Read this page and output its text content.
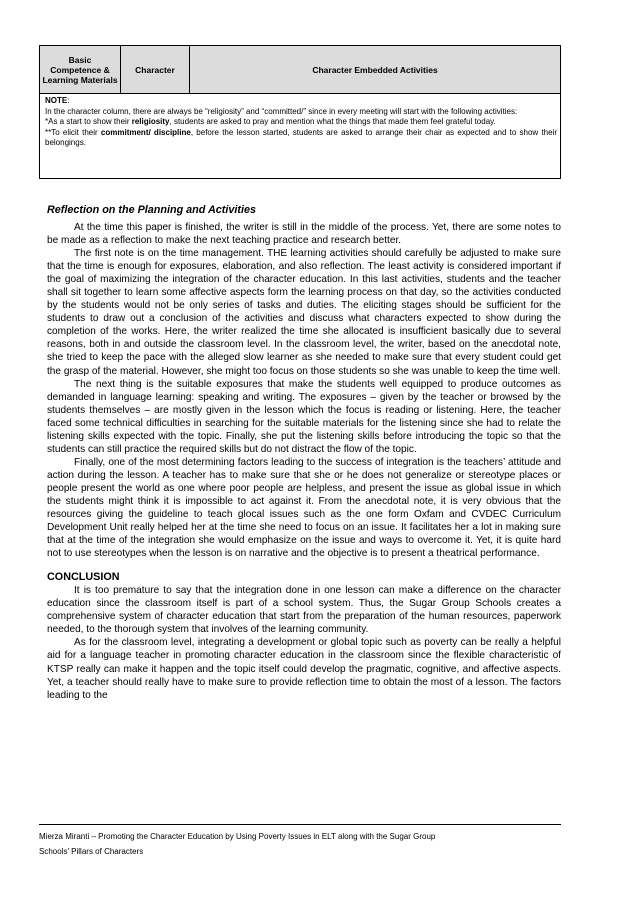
Basic Competence & Learning Materials
Character	Character Embedded Activities

NOTE:

In the character column, there are always be “religiosity” and “committed/” since in every meeting will start with the following activities:

*As a start to show their religiosity, students are asked to pray and mention what the things that made them feel grateful today.

**To elicit their commitment/ discipline, before the lesson started, students are asked to arrange their chair as expected and to show their belongings.

Reflection on the Planning and Activities

At the time this paper is finished, the writer is still in the middle of the process. Yet, there are some notes to be made as a reflection to make the next teaching practice and research better.

The first note is on the time management. THE learning activities should carefully be adjusted to make sure that the time is enough for exposures, elaboration, and also reflection. The least activity is considered important if the goal of maximizing the integration of the character education. In this last activities, students and the teacher shall sit together to learn some affective aspects form the learning process on that day, so the activities conducted by the students would not be only series of tasks and duties. The eliciting stages should be sufficient for the students to draw out a conclusion of the activities and discuss what characters expected to show during the completion of the works. Here, the writer realized the time she allocated is insufficient basically due to several reasons, both in and outside the classroom level. In the classroom level, the writer, based on the anecdotal note, she tried to keep the pace with the alleged slow learner as she needed to make sure that every student could get the grasp of the material. However, she might too focus on those students so she was unable to keep the time well.

The next thing is the suitable exposures that make the students well equipped to produce outcomes as demanded in language learning: speaking and writing. The exposures – given by the teacher or browsed by the students themselves – are mostly given in the lesson which the focus is reading or listening. Here, the teacher faced some technical difficulties in searching for the suitable materials for the listening since she had to relate the listening skills expected with the topic. Finally, she put the listening skills before introducing the topic so that the students can still practice the required skills but do not distract the flow of the topic.

Finally, one of the most determining factors leading to the success of integration is the teachers’ attitude and action during the lesson. A teacher has to make sure that she or he does not generalize or stereotype places or people present the world as one where poor people are helpless, and present the issue as global issue in which the students might think it is impossible to act against it. From the anecdotal note, it is very obvious that the resources giving the guideline to teach glocal issues such as the one form Oxfam and CVDEC Curriculum Development Unit really helped her at the time she need to focus on an issue. It facilitates her a lot in making sure that at the time of the integration she would emphasize on the issue and ways to overcome it. Yet, it is quite hard not to use stereotypes when the lesson is on narrative and the objective is to present a theatrical performance.

CONCLUSION

It is too premature to say that the integration done in one lesson can make a difference on the character education since the classroom itself is part of a school system. Thus, the Sugar Group Schools creates a comprehensive system of character education that start from the preparation of the human resources, paperwork needed, to the thorough system that involves of the learning community.

As for the classroom level, integrating a development or global topic such as poverty can be really a helpful aid for a language teacher in promoting character education in the classroom since the flexible characteristic of KTSP really can make it happen and the topic itself could develop the pragmatic, cognitive, and affective aspects. Yet, a teacher should really have to make sure to provide reflection time to obtain the most of a lesson. The factors leading to the

Mierza Miranti – Promoting the Character Education by Using Poverty Issues in ELT along with the Sugar Group
Schools’ Pillars of Characters
